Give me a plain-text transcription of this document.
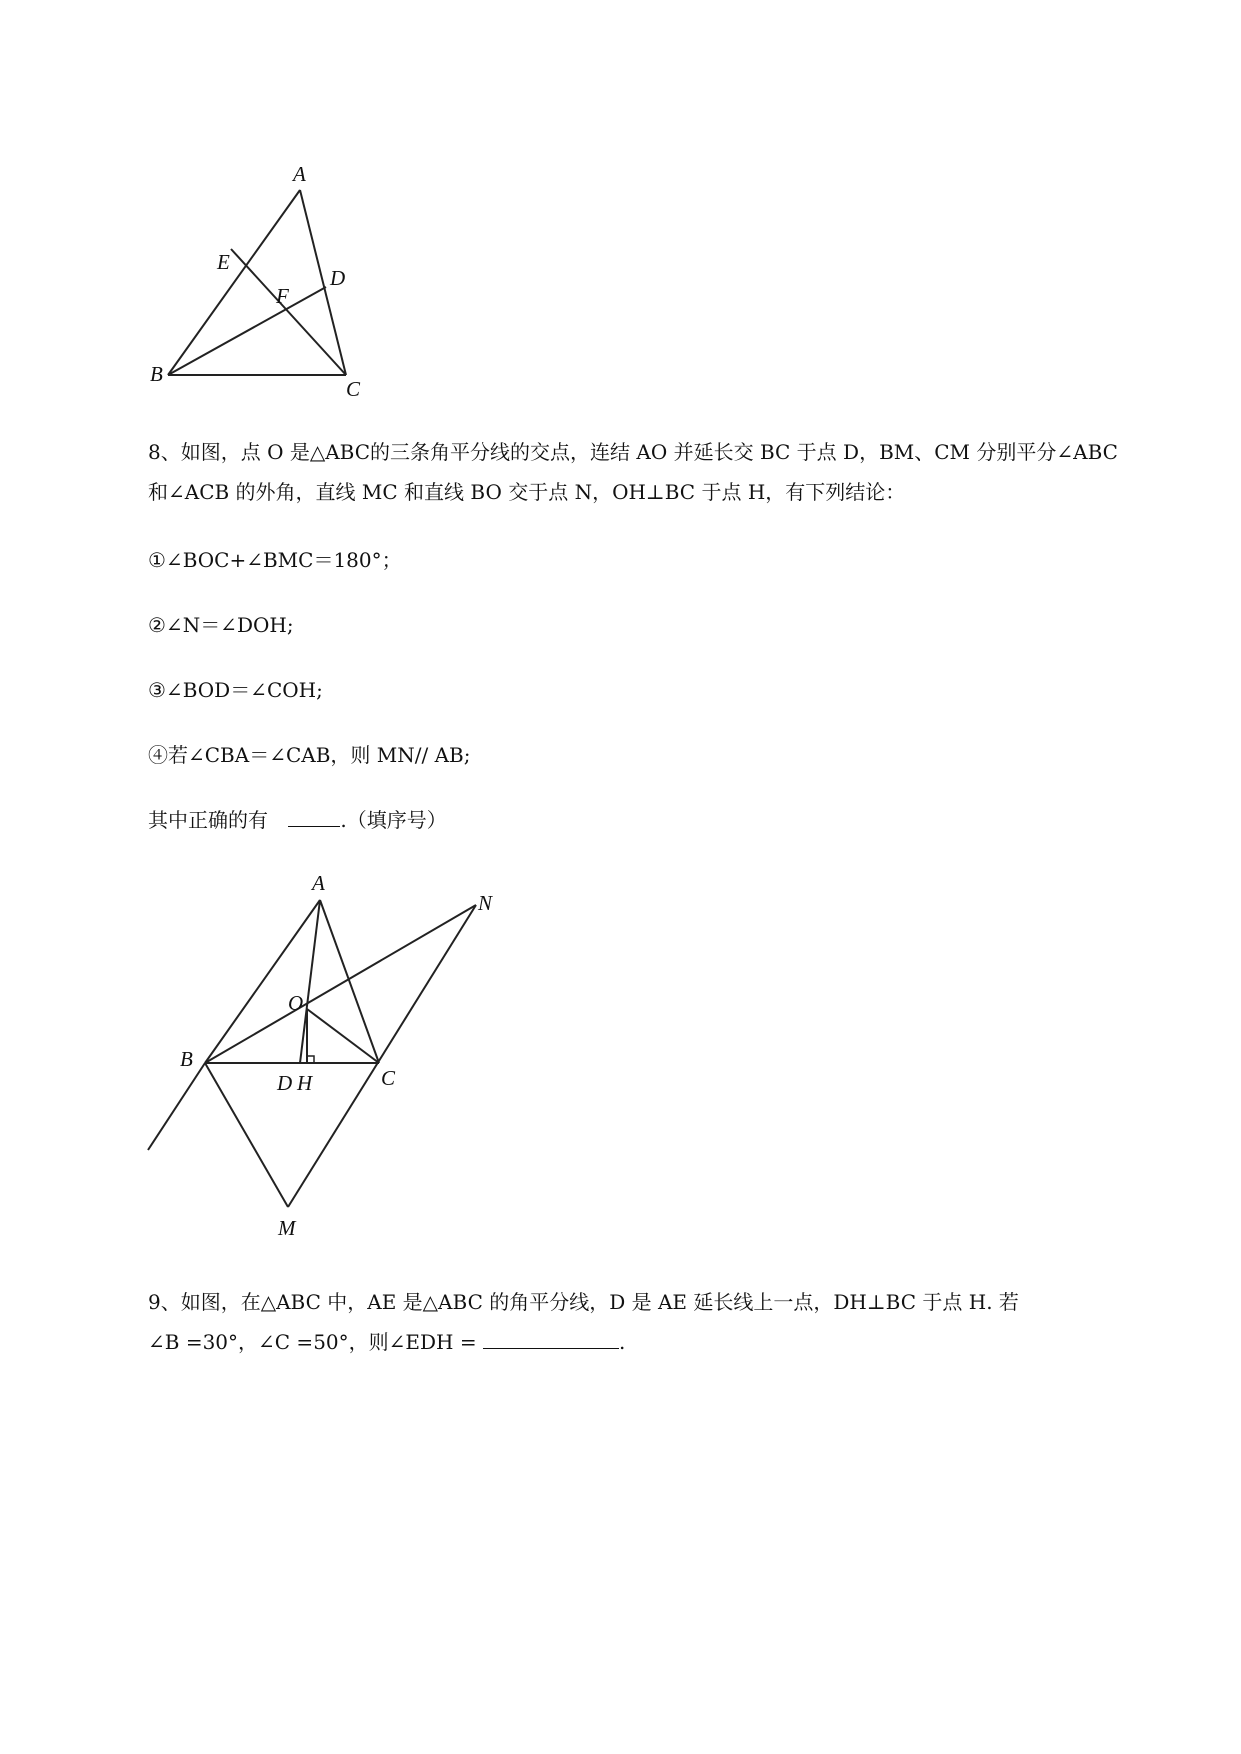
A
B
C
D
E
F
8、如图，点 O 是△ABC的三条角平分线的交点，连结 AO 并延长交 BC 于点 D，BM、CM 分别平分∠ABC
和∠ACB 的外角，直线 MC 和直线 BO 交于点 N，OH⊥BC 于点 H，有下列结论：
①∠BOC+∠BMC＝180°；
②∠N＝∠DOH;
③∠BOD＝∠COH;
④若∠CBA＝∠CAB，则 MN// AB;
其中正确的有	.（填序号）
A
B
C
D H
M
N
O
9、如图，在△ABC 中，AE 是△ABC 的角平分线，D 是 AE 延长线上一点，DH⊥BC 于点 H. 若
∠B =30°，∠C =50°，则∠EDH =	.
